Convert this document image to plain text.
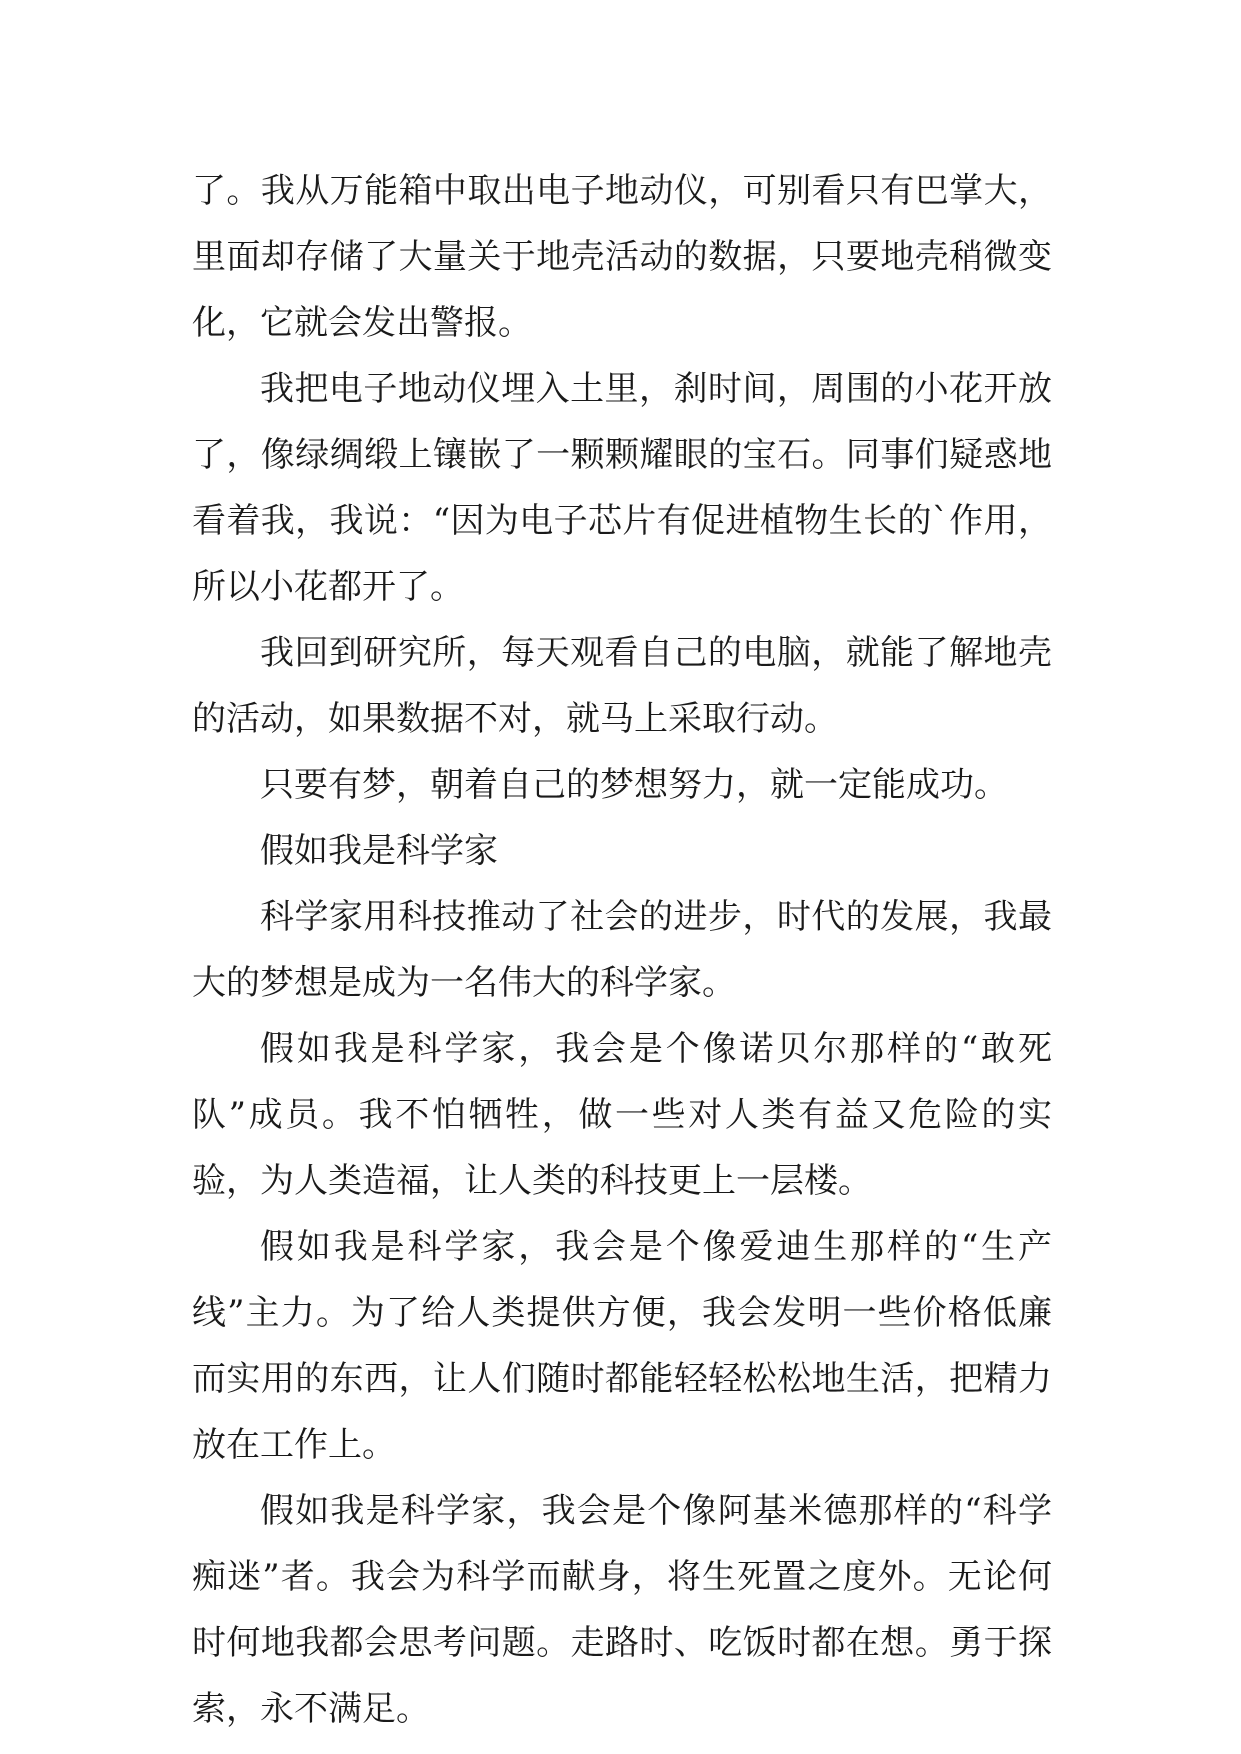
了。我从万能箱中取出电子地动仪，可别看只有巴掌大，里面却存储了大量关于地壳活动的数据，只要地壳稍微变化，它就会发出警报。

我把电子地动仪埋入土里，刹时间，周围的小花开放了，像绿绸缎上镶嵌了一颗颗耀眼的宝石。同事们疑惑地看着我，我说：“因为电子芯片有促进植物生长的`作用，所以小花都开了。

我回到研究所，每天观看自己的电脑，就能了解地壳的活动，如果数据不对，就马上采取行动。

只要有梦，朝着自己的梦想努力，就一定能成功。

假如我是科学家

科学家用科技推动了社会的进步，时代的发展，我最大的梦想是成为一名伟大的科学家。

假如我是科学家，我会是个像诺贝尔那样的“敢死队”成员。我不怕牺牲，做一些对人类有益又危险的实验，为人类造福，让人类的科技更上一层楼。

假如我是科学家，我会是个像爱迪生那样的“生产线”主力。为了给人类提供方便，我会发明一些价格低廉而实用的东西，让人们随时都能轻轻松松地生活，把精力放在工作上。

假如我是科学家，我会是个像阿基米德那样的“科学痴迷”者。我会为科学而献身，将生死置之度外。无论何时何地我都会思考问题。走路时、吃饭时都在想。勇于探索，永不满足。
